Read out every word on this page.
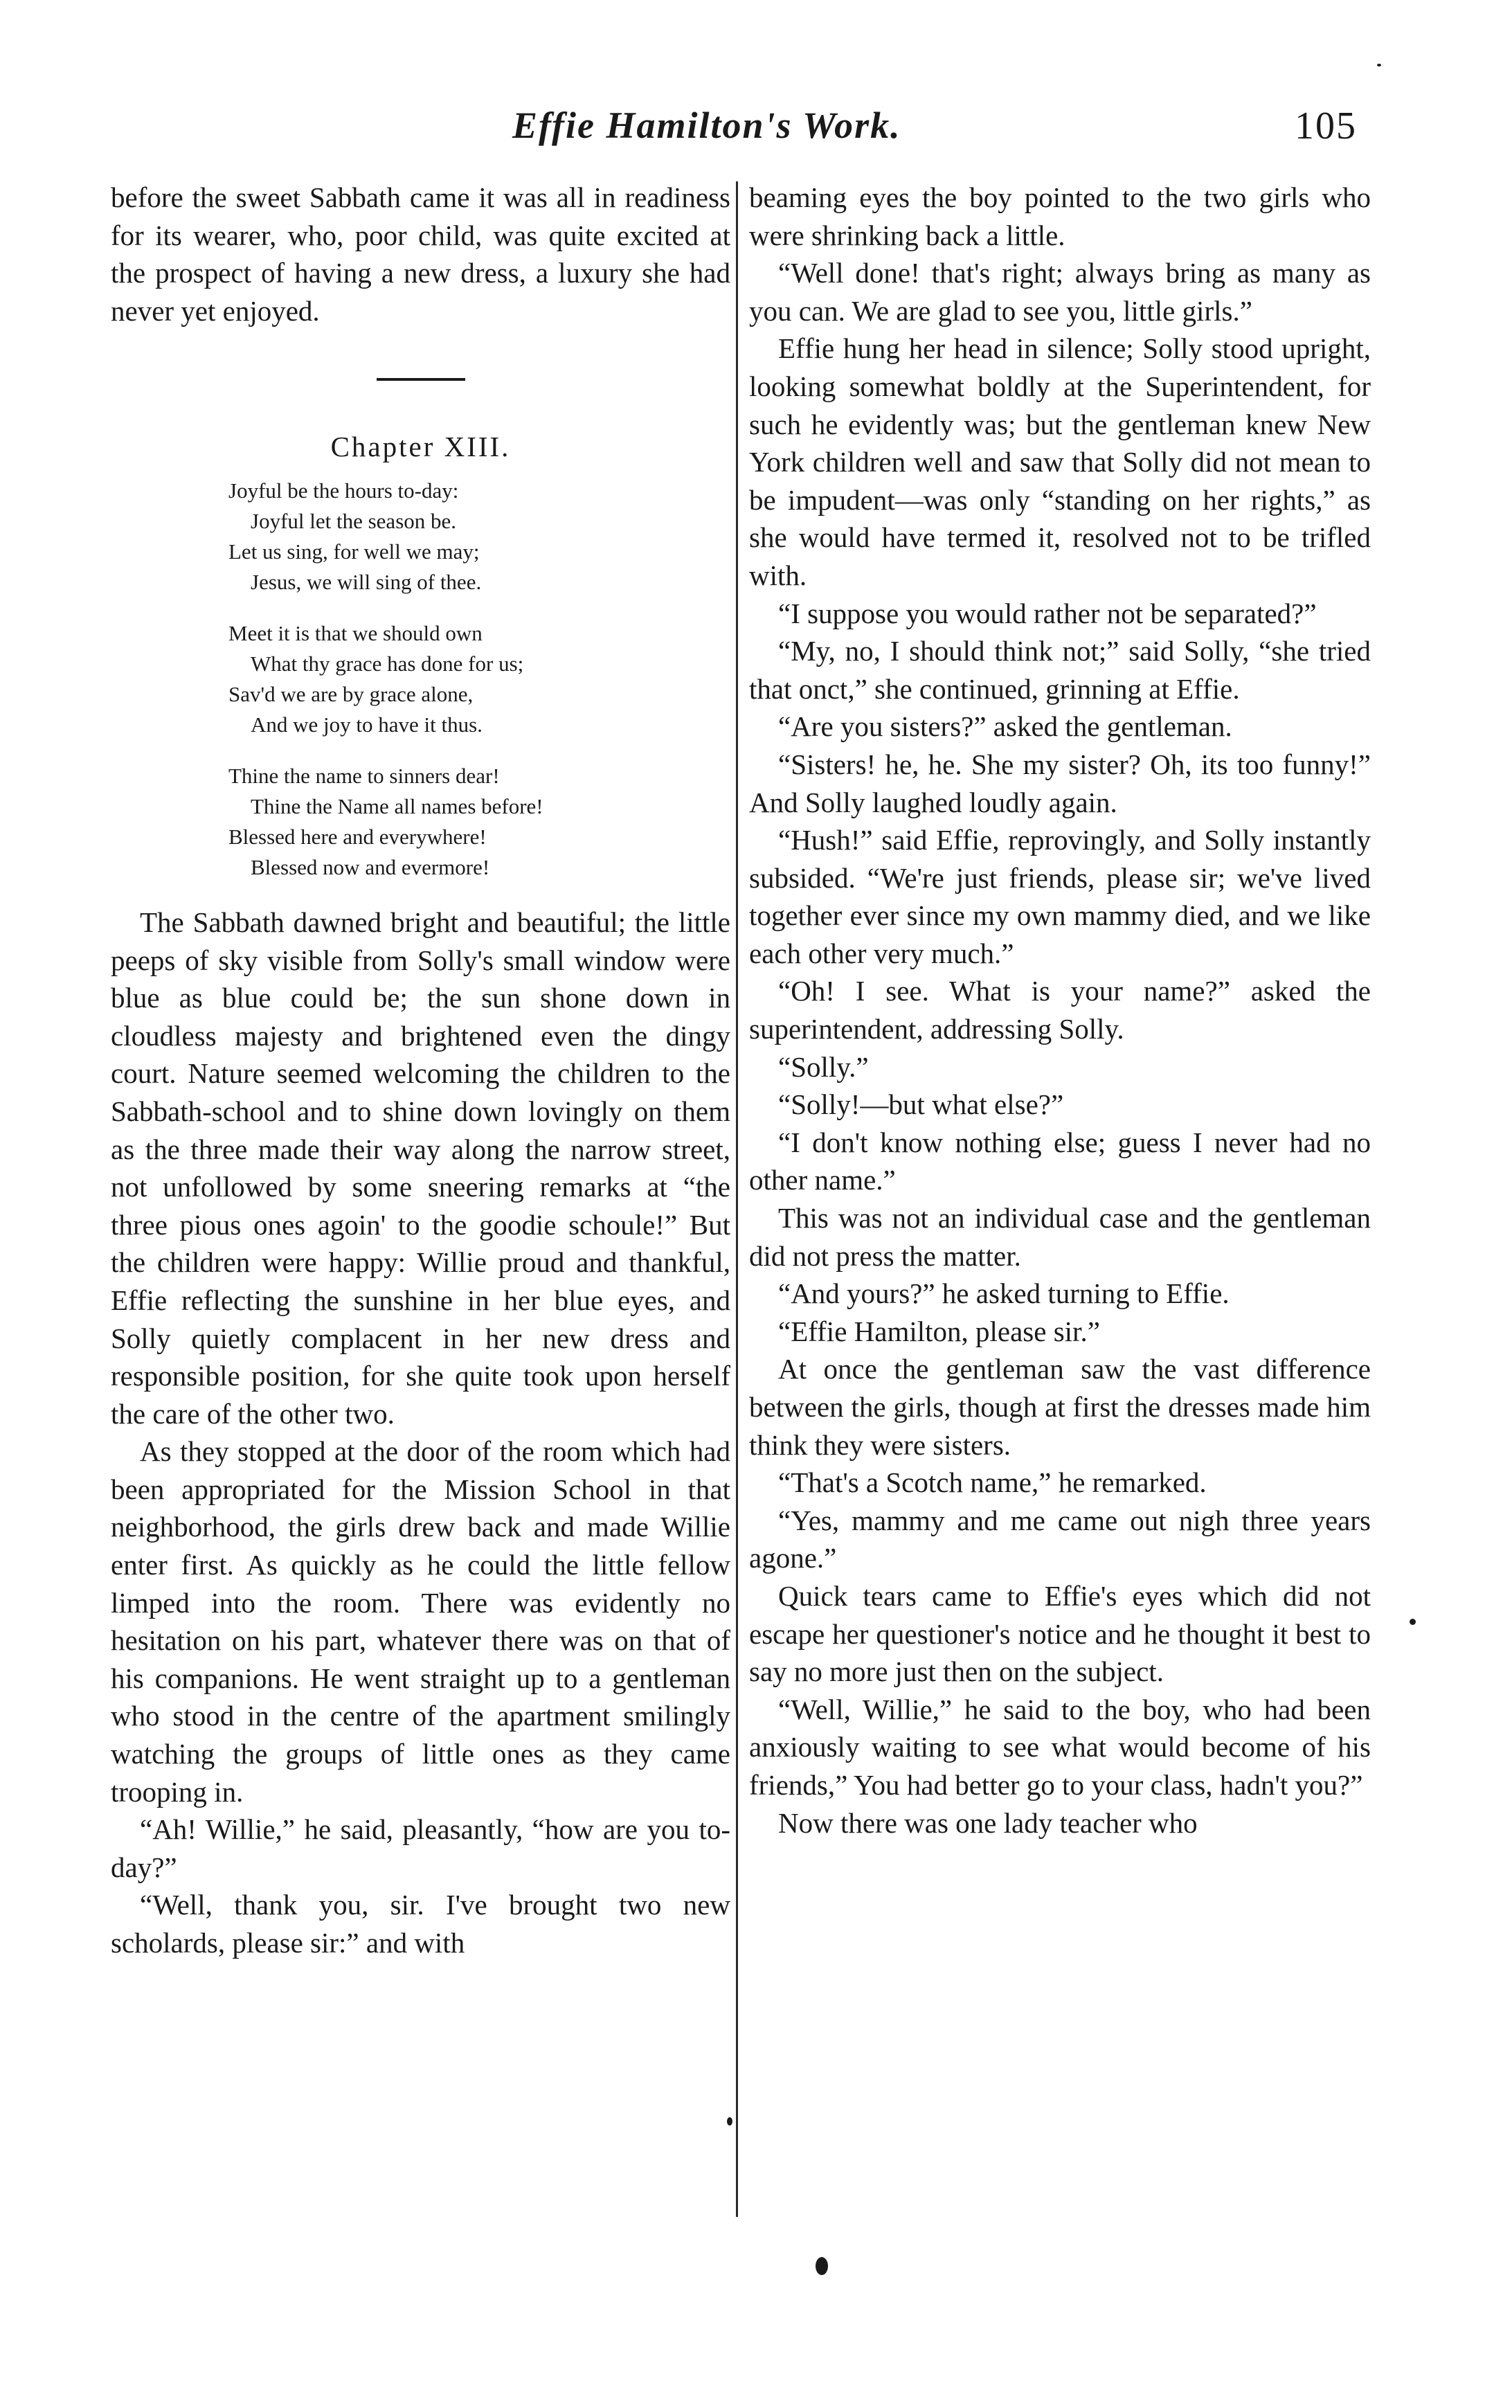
Effie Hamilton's Work.	105

before the sweet Sabbath came it was all in readiness for its wearer, who, poor child, was quite excited at the prospect of having a new dress, a luxury she had never yet enjoyed.

Chapter XIII.
Joyful be the hours to-day:
Joyful let the season be.
Let us sing, for well we may;
Jesus, we will sing of thee.
Meet it is that we should own
What thy grace has done for us;
Sav'd we are by grace alone,
And we joy to have it thus.
Thine the name to sinners dear!
Thine the Name all names before!
Blessed here and everywhere!
Blessed now and evermore!

The Sabbath dawned bright and beautiful; the little peeps of sky visible from Solly's small window were blue as blue could be; the sun shone down in cloudless majesty and brightened even the dingy court. Nature seemed welcoming the children to the Sabbath-school and to shine down lovingly on them as the three made their way along the narrow street, not unfollowed by some sneering remarks at “the three pious ones agoin' to the goodie schoule!” But the children were happy: Willie proud and thankful, Effie reflecting the sunshine in her blue eyes, and Solly quietly complacent in her new dress and responsible position, for she quite took upon herself the care of the other two.

As they stopped at the door of the room which had been appropriated for the Mission School in that neighborhood, the girls drew back and made Willie enter first. As quickly as he could the little fellow limped into the room. There was evidently no hesitation on his part, whatever there was on that of his companions. He went straight up to a gentleman who stood in the centre of the apartment smilingly watching the groups of little ones as they came trooping in.

“Ah! Willie,” he said, pleasantly, “how are you to-day?”

“Well, thank you, sir. I've brought two new scholards, please sir:” and with

beaming eyes the boy pointed to the two girls who were shrinking back a little.

“Well done! that's right; always bring as many as you can. We are glad to see you, little girls.”

Effie hung her head in silence; Solly stood upright, looking somewhat boldly at the Superintendent, for such he evidently was; but the gentleman knew New York children well and saw that Solly did not mean to be impudent—was only “standing on her rights,” as she would have termed it, resolved not to be trifled with.

“I suppose you would rather not be separated?”

“My, no, I should think not;” said Solly, “she tried that onct,” she continued, grinning at Effie.

“Are you sisters?” asked the gentleman.

“Sisters! he, he. She my sister? Oh, its too funny!” And Solly laughed loudly again.

“Hush!” said Effie, reprovingly, and Solly instantly subsided. “We're just friends, please sir; we've lived together ever since my own mammy died, and we like each other very much.”

“Oh! I see. What is your name?” asked the superintendent, addressing Solly.

“Solly.”

“Solly!—but what else?”

“I don't know nothing else; guess I never had no other name.”

This was not an individual case and the gentleman did not press the matter.

“And yours?” he asked turning to Effie.

“Effie Hamilton, please sir.”

At once the gentleman saw the vast difference between the girls, though at first the dresses made him think they were sisters.

“That's a Scotch name,” he remarked.

“Yes, mammy and me came out nigh three years agone.”

Quick tears came to Effie's eyes which did not escape her questioner's notice and he thought it best to say no more just then on the subject.

“Well, Willie,” he said to the boy, who had been anxiously waiting to see what would become of his friends,” You had better go to your class, hadn't you?”

Now there was one lady teacher who
